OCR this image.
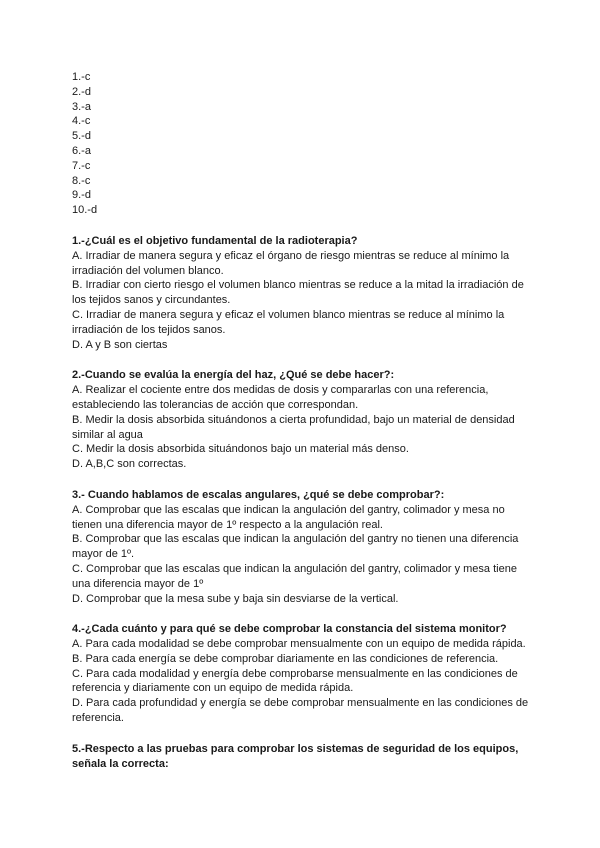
1.-c
2.-d
3.-a
4.-c
5.-d
6.-a
7.-c
8.-c
9.-d
10.-d

1.-¿Cuál es el objetivo fundamental de la radioterapia?

A. Irradiar de manera segura y eficaz el órgano de riesgo mientras se reduce al mínimo la irradiación del volumen blanco.

B. Irradiar con cierto riesgo el volumen blanco mientras se reduce a la mitad la irradiación de los tejidos sanos y circundantes.

C. Irradiar de manera segura y eficaz el volumen blanco mientras se reduce al mínimo la irradiación de los tejidos sanos.

D. A y B son ciertas

2.-Cuando se evalúa la energía del haz, ¿Qué se debe hacer?:

A. Realizar el cociente entre dos medidas de dosis y compararlas con una referencia, estableciendo las tolerancias de acción que correspondan.

B. Medir la dosis absorbida situándonos a cierta profundidad, bajo un material de densidad similar al agua

C. Medir la dosis absorbida situándonos bajo un material más denso.

D. A,B,C son correctas.

3.- Cuando hablamos de escalas angulares, ¿qué se debe comprobar?:

A. Comprobar que las escalas que indican la angulación del gantry, colimador y mesa no tienen una diferencia mayor de 1º respecto a la angulación real.

B. Comprobar que las escalas que indican la angulación del gantry no tienen una diferencia mayor de 1º.

C. Comprobar que las escalas que indican la angulación del gantry, colimador y mesa tiene una diferencia mayor de 1º

D. Comprobar que la mesa sube y baja sin desviarse de la vertical.

4.-¿Cada cuánto y para qué se debe comprobar la constancia del sistema monitor?

A. Para cada modalidad se debe comprobar mensualmente con un equipo de medida rápida.

B. Para cada energía se debe comprobar diariamente en las condiciones de referencia.

C. Para cada modalidad y energía debe comprobarse mensualmente en las condiciones de referencia y diariamente con un equipo de medida rápida.

D. Para cada profundidad y energía se debe comprobar mensualmente en las condiciones de referencia.

5.-Respecto a las pruebas para comprobar los sistemas de seguridad de los equipos, señala la correcta:
